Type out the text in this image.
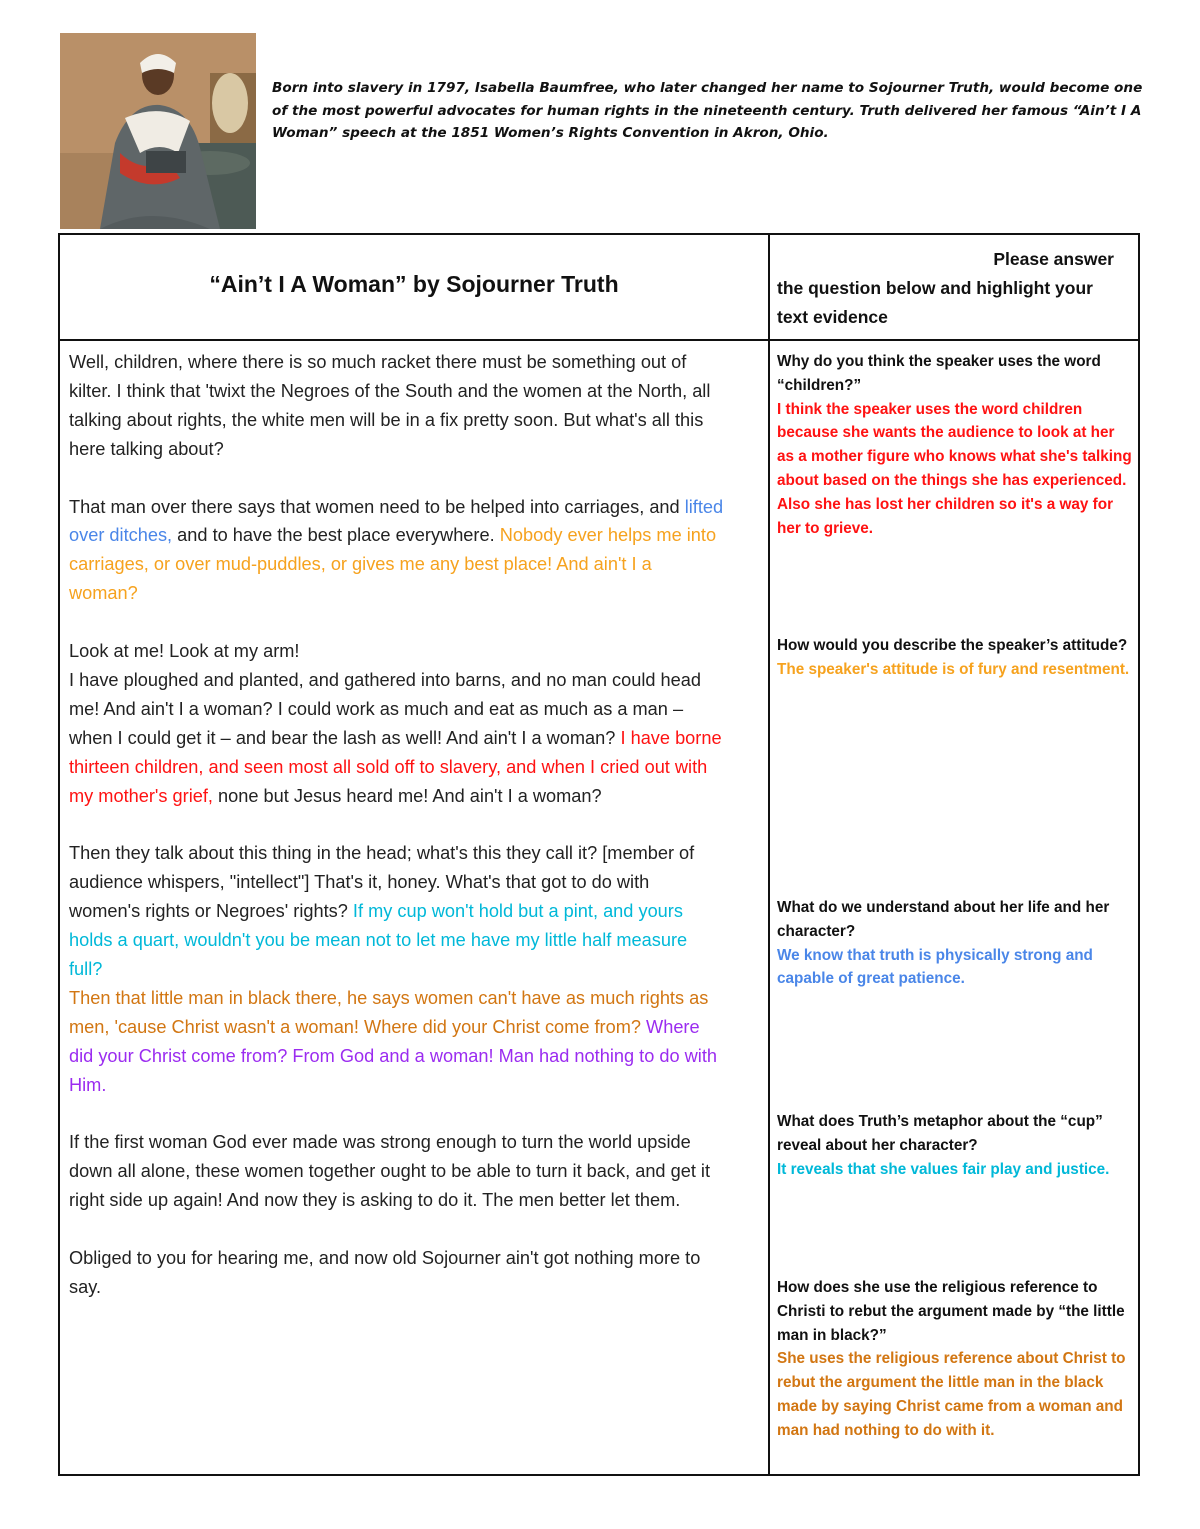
Born into slavery in 1797, Isabella Baumfree, who later changed her name to Sojourner Truth, would become one of the most powerful advocates for human rights in the nineteenth century. Truth delivered her famous “Ain’t I A Woman” speech at the 1851 Women’s Rights Convention in Akron, Ohio.
“Ain’t I A Woman” by Sojourner Truth
Please answer
the question below and highlight your text evidence

Well, children, where there is so much racket there must be something out of kilter. I think that 'twixt the Negroes of the South and the women at the North, all talking about rights, the white men will be in a fix pretty soon. But what's all this here talking about?

That man over there says that women need to be helped into carriages, and lifted over ditches, and to have the best place everywhere. Nobody ever helps me into carriages, or over mud-puddles, or gives me any best place! And ain't I a woman?

Look at me! Look at my arm!
I have ploughed and planted, and gathered into barns, and no man could head
me! And ain't I a woman? I could work as much and eat as much as a man – when I could get it – and bear the lash as well! And ain't I a woman? I have borne thirteen children, and seen most all sold off to slavery, and when I cried out with my mother's grief, none but Jesus heard me! And ain't I a woman?

Then they talk about this thing in the head; what's this they call it? [member of audience whispers, "intellect"] That's it, honey. What's that got to do with women's rights or Negroes' rights? If my cup won't hold but a pint, and yours holds a quart, wouldn't you be mean not to let me have my little half measure full?
Then that little man in black there, he says women can't have as much rights as men, 'cause Christ wasn't a woman! Where did your Christ come from? Where did your Christ come from? From God and a woman! Man had nothing to do with Him.

If the first woman God ever made was strong enough to turn the world upside down all alone, these women together ought to be able to turn it back, and get it right side up again! And now they is asking to do it. The men better let them.

Obliged to you for hearing me, and now old Sojourner ain't got nothing more to say.

Why do you think the speaker uses the word “children?”
I think the speaker uses the word children because she wants the audience to look at her as a mother figure who knows what she's talking about based on the things she has experienced. Also she has lost her children so it's a way for her to grieve.
How would you describe the speaker’s attitude?
The speaker's attitude is of fury and resentment.
What do we understand about her life and her character?
We know that truth is physically strong and capable of great patience.
What does Truth’s metaphor about the “cup” reveal about her character?
It reveals that she values fair play and justice.
How does she use the religious reference to Christi to rebut the argument made by “the little man in black?”
She uses the religious reference about Christ to rebut the argument the little man in the black made by saying Christ came from a woman and man had nothing to do with it.
